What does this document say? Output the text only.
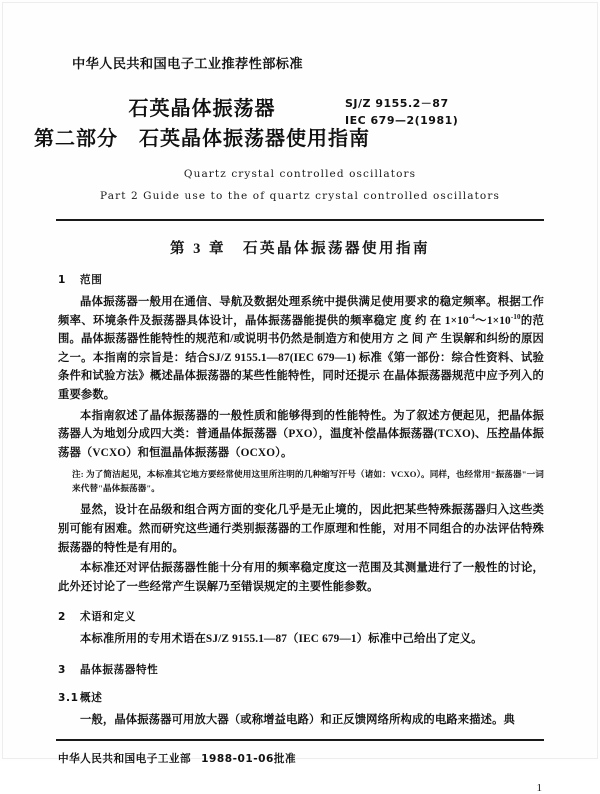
中华人民共和国电子工业推荐性部标准
石英晶体振荡器
第二部分　石英晶体振荡器使用指南
SJ/Z 9155.2－87
IEC 679—2(1981)
Quartz crystal controlled oscillators
Part 2 Guide use to the of quartz crystal controlled oscillators
第 3 章　石英晶体振荡器使用指南
1 范围

晶体振荡器一般用在通信、导航及数据处理系统中提供满足使用要求的稳定频率。根据工作频率、环境条件及振荡器具体设计，晶体振荡器能提供的频率稳定 度 约 在 $1\times 10^{-4}\sim 1\times 10^{-10}$的范围。晶体振荡器性能特性的规范和/或说明书仍然是制造方和使用方 之 间 产 生误解和纠纷的原因之一。本指南的宗旨是：结合SJ/Z 9155.1—87(IEC 679—1) 标准《第一部份：综合性资料、试验条件和试验方法》概述晶体振荡器的某些性能特性，同时还提示 在晶体振荡器规范中应予列入的重要参数。

本指南叙述了晶体振荡器的一般性质和能够得到的性能特性。为了叙述方便起见，把晶体振荡器人为地划分成四大类：普通晶体振荡器（PXO），温度补偿晶体振荡器(TCXO)、压控晶体振荡器（VCXO）和恒温晶体振荡器（OCXO）。

注: 为了简洁起见，本标准其它地方要经常使用这里所注明的几种缩写汗号（诸如：VCXO）。同样，也经常用"振荡器"一词来代替"晶体振荡器"。

显然，设计在品级和组合两方面的变化几乎是无止境的，因此把某些特殊振荡器归入这些类别可能有困难。然而研究这些通行类别振荡器的工作原理和性能，对用不同组合的办法评估特殊振荡器的特性是有用的。

本标准还对评估振荡器性能十分有用的频率稳定度这一范围及其测量进行了一般性的讨论，此外还讨论了一些经常产生误解乃至错误规定的主要性能参数。

2 术语和定义

本标准所用的专用术语在SJ/Z 9155.1—87（IEC 679—1）标准中己给出了定义。

3 晶体振荡器特性
3.1概述

一般，晶体振荡器可用放大器（或称增益电路）和正反馈网络所构成的电路来描述。典

中华人民共和国电子工业部 1988-01-06批准
1
